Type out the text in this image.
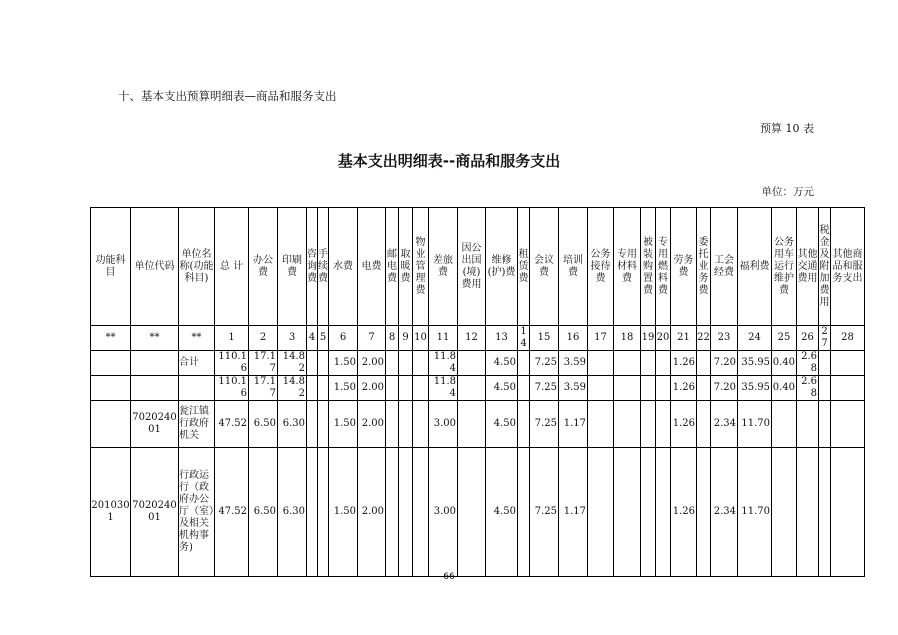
十、基本支出预算明细表—商品和服务支出
预算 10 表
基本支出明细表--商品和服务支出
单位：万元
功能科目	单位代码	单位名称(功能科目)	总 计	办公费	印刷费	咨询费	手续费	水费	电费	邮电费	取暖费	物业管理费	差旅费	因公出国(境)费用	维修(护)费	租赁费	会议费	培训费	公务接待费	专用材料费	被装购置费	专用燃料费	劳务费	委托业务费	工会经费	福利费	公务用车运行维护费	其他交通费用	税金及附加费用	其他商品和服务支出
**	**	**	1	2	3	4	5	6	7	8	9	10	11	12	13	14	15	16	17	18	19	20	21	22	23	24	25	26	27	28
		合计	110.16	17.17	14.82			1.50	2.00				11.84		4.50		7.25	3.59					1.26		7.20	35.95	0.40	2.68		
			110.16	17.17	14.82			1.50	2.00				11.84		4.50		7.25	3.59					1.26		7.20	35.95	0.40	2.68		
	702024001	瓮江镇行政府机关	47.52	6.50	6.30			1.50	2.00				3.00		4.50		7.25	1.17					1.26		2.34	11.70				
2010301	702024001	行政运行（政府办公厅（室）及相关机构事务)	47.52	6.50	6.30			1.50	2.00				3.00		4.50		7.25	1.17					1.26		2.34	11.70				
66
